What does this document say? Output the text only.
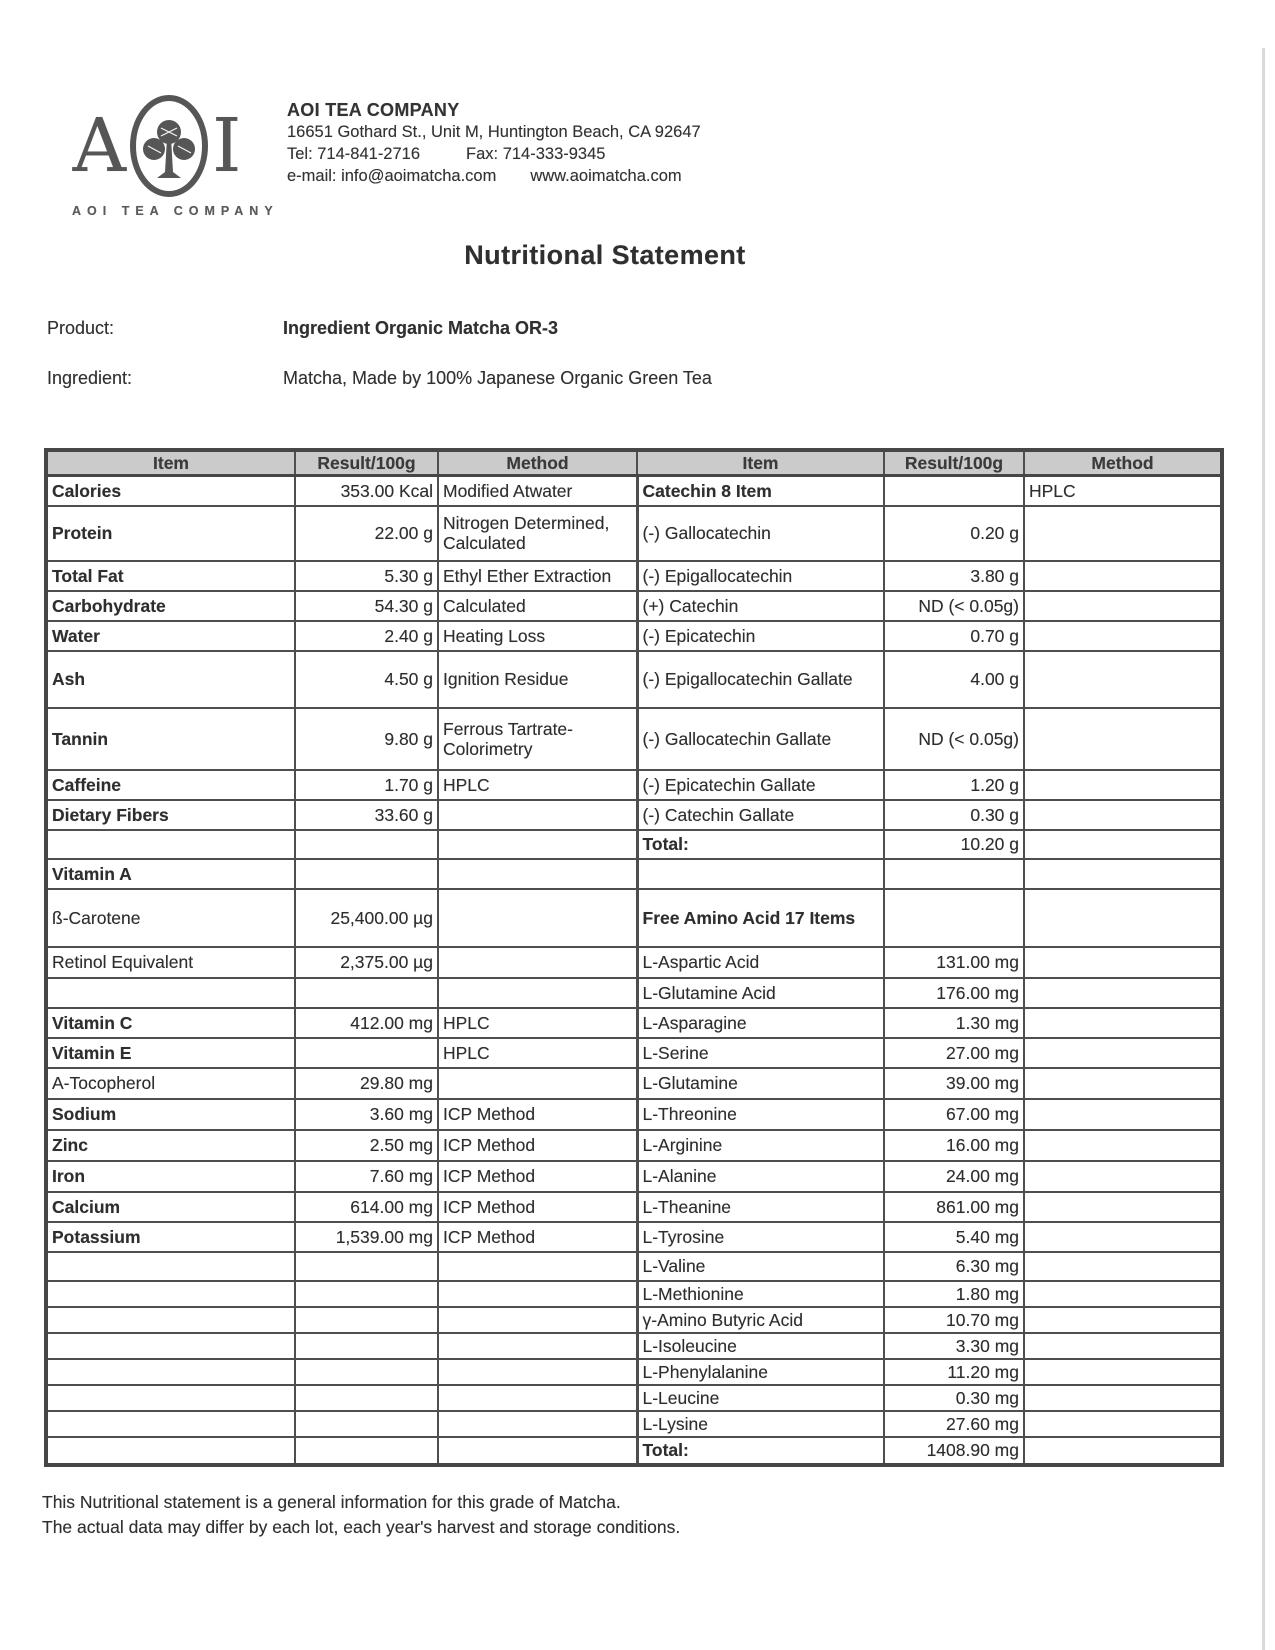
A I
AOI TEA COMPANY
AOI TEA COMPANY
16651 Gothard St., Unit M, Huntington Beach, CA 92647
Tel: 714-841-2716	Fax: 714-333-9345
e-mail: info@aoimatcha.com www.aoimatcha.com
Nutritional Statement
Product:	Ingredient Organic Matcha OR-3
Ingredient:	Matcha, Made by 100% Japanese Organic Green Tea
Item	Result/100g	Method	Item	Result/100g	Method
Calories	353.00 Kcal	Modified Atwater	Catechin 8 Item		HPLC
Protein	22.00 g	Nitrogen Determined, Calculated	(-) Gallocatechin	0.20 g	
Total Fat	5.30 g	Ethyl Ether Extraction	(-) Epigallocatechin	3.80 g	
Carbohydrate	54.30 g	Calculated	(+) Catechin	ND (< 0.05g)	
Water	2.40 g	Heating Loss	(-) Epicatechin	0.70 g	
Ash	4.50 g	Ignition Residue	(-) Epigallocatechin Gallate	4.00 g	
Tannin	9.80 g	Ferrous Tartrate-Colorimetry	(-) Gallocatechin Gallate	ND (< 0.05g)	
Caffeine	1.70 g	HPLC	(-) Epicatechin Gallate	1.20 g	
Dietary Fibers	33.60 g		(-) Catechin Gallate	0.30 g	
			Total:	10.20 g	
Vitamin A					
ß-Carotene	25,400.00 µg		Free Amino Acid 17 Items		
Retinol Equivalent	2,375.00 µg		L-Aspartic Acid	131.00 mg	
			L-Glutamine Acid	176.00 mg	
Vitamin C	412.00 mg	HPLC	L-Asparagine	1.30 mg	
Vitamin E		HPLC	L-Serine	27.00 mg	
A-Tocopherol	29.80 mg		L-Glutamine	39.00 mg	
Sodium	3.60 mg	ICP Method	L-Threonine	67.00 mg	
Zinc	2.50 mg	ICP Method	L-Arginine	16.00 mg	
Iron	7.60 mg	ICP Method	L-Alanine	24.00 mg	
Calcium	614.00 mg	ICP Method	L-Theanine	861.00 mg	
Potassium	1,539.00 mg	ICP Method	L-Tyrosine	5.40 mg	
			L-Valine	6.30 mg	
			L-Methionine	1.80 mg	
			γ-Amino Butyric Acid	10.70 mg	
			L-Isoleucine	3.30 mg	
			L-Phenylalanine	11.20 mg	
			L-Leucine	0.30 mg	
			L-Lysine	27.60 mg	
			Total:	1408.90 mg	
This Nutritional statement is a general information for this grade of Matcha.
The actual data may differ by each lot, each year's harvest and storage conditions.
